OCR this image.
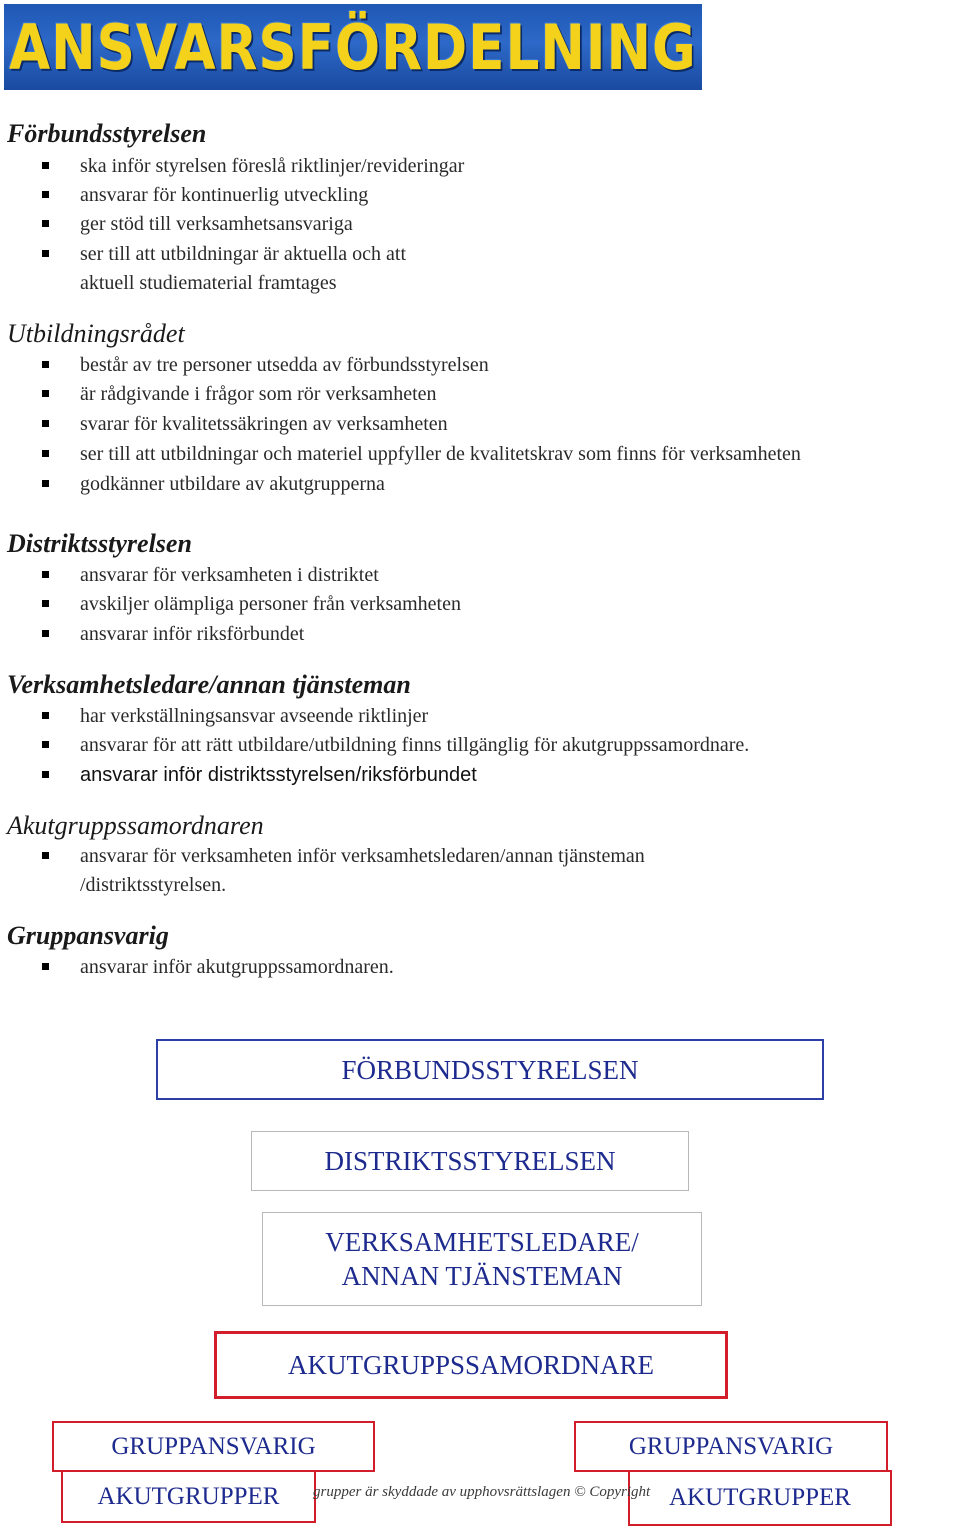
ANSVARSFÖRDELNING
Förbundsstyrelsen
ska inför styrelsen föreslå riktlinjer/revideringar
ansvarar för kontinuerlig utveckling
ger stöd till verksamhetsansvariga
ser till att utbildningar är aktuella och att
aktuell studiematerial framtages
Utbildningsrådet
består av tre personer utsedda av förbundsstyrelsen
är rådgivande i frågor som rör verksamheten
svarar för kvalitetssäkringen av verksamheten
ser till att utbildningar och materiel uppfyller de kvalitetskrav som finns för verksamheten
godkänner utbildare av akutgrupperna
Distriktsstyrelsen
ansvarar för verksamheten i distriktet
avskiljer olämpliga personer från verksamheten
ansvarar inför riksförbundet
Verksamhetsledare/annan tjänsteman
har verkställningsansvar avseende riktlinjer
ansvarar för att rätt utbildare/utbildning finns tillgänglig för akutgruppssamordnare.
ansvarar inför distriktsstyrelsen/riksförbundet
Akutgruppssamordnaren
ansvarar för verksamheten inför verksamhetsledaren/annan tjänsteman
/distriktsstyrelsen.
Gruppansvarig
ansvarar inför akutgruppssamordnaren.
FÖRBUNDSSTYRELSEN
DISTRIKTSSTYRELSEN
VERKSAMHETSLEDARE/
ANNAN TJÄNSTEMAN
AKUTGRUPPSSAMORDNARE
AKUTGRUPPER	AKUTGRUPPER
GRUPPANSVARIG	GRUPPANSVARIG
grupper är skyddade av upphovsrättslagen © Copyright
